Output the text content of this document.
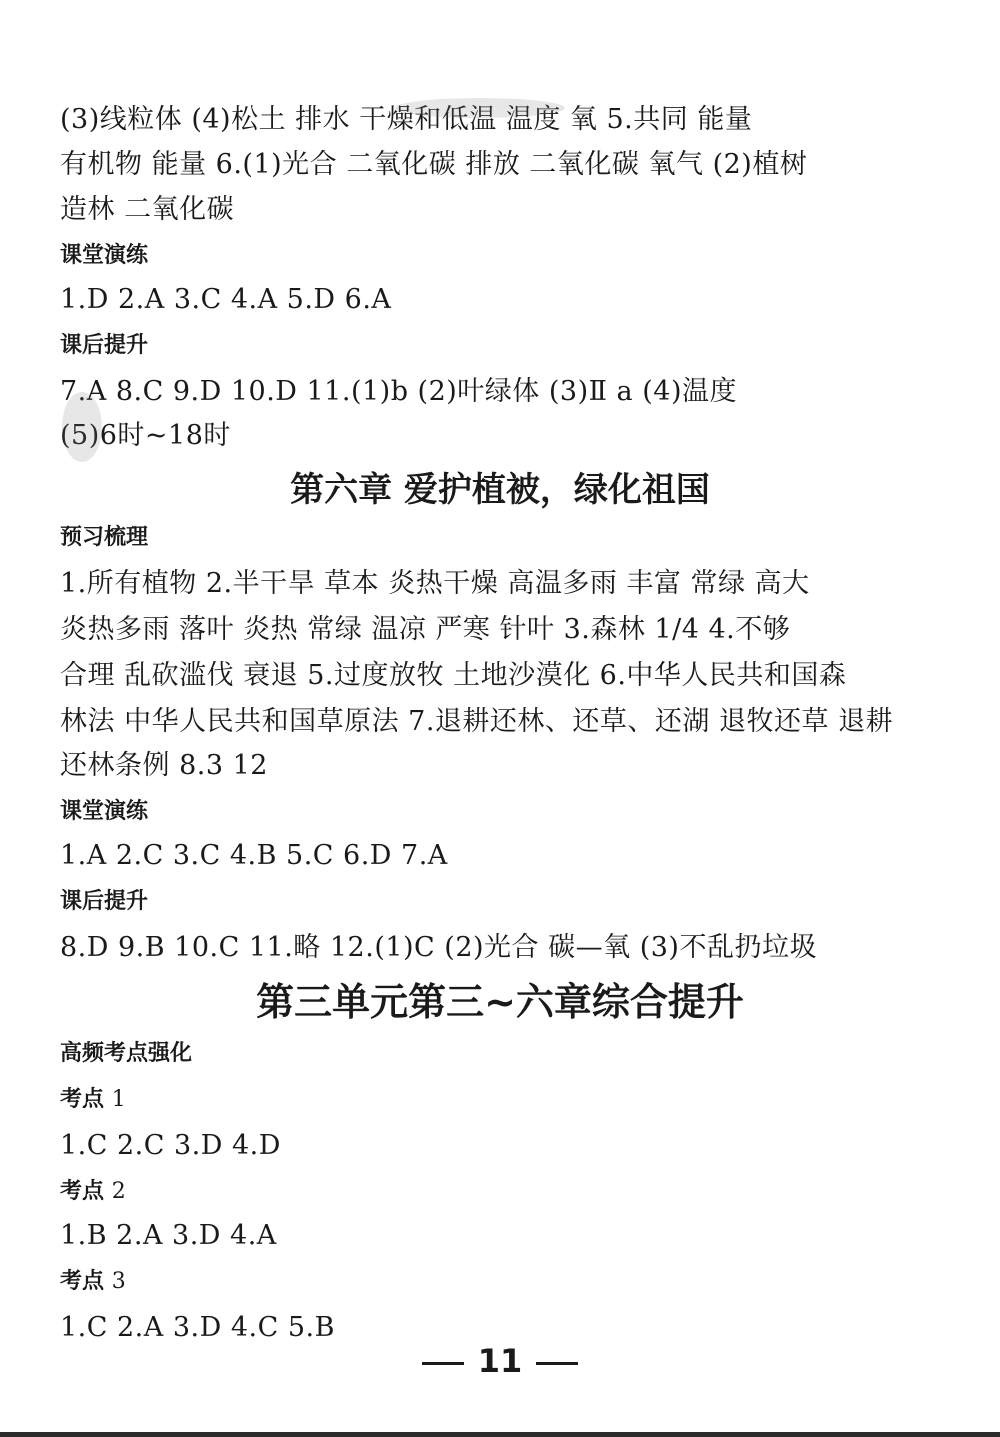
(3)线粒体 (4)松土 排水 干燥和低温 温度 氧 5.共同 能量
有机物 能量 6.(1)光合 二氧化碳 排放 二氧化碳 氧气 (2)植树
造林 二氧化碳
课堂演练
1.D 2.A 3.C 4.A 5.D 6.A
课后提升
7.A 8.C 9.D 10.D 11.(1)b (2)叶绿体 (3)Ⅱ a (4)温度
(5)6时~18时
第六章 爱护植被，绿化祖国
预习梳理
1.所有植物 2.半干旱 草本 炎热干燥 高温多雨 丰富 常绿 高大
炎热多雨 落叶 炎热 常绿 温凉 严寒 针叶 3.森林 1/4 4.不够
合理 乱砍滥伐 衰退 5.过度放牧 土地沙漠化 6.中华人民共和国森
林法 中华人民共和国草原法 7.退耕还林、还草、还湖 退牧还草 退耕
还林条例 8.3 12
课堂演练
1.A 2.C 3.C 4.B 5.C 6.D 7.A
课后提升
8.D 9.B 10.C 11.略 12.(1)C (2)光合 碳—氧 (3)不乱扔垃圾
第三单元第三~六章综合提升
高频考点强化
考点 1
1.C 2.C 3.D 4.D
考点 2
1.B 2.A 3.D 4.A
考点 3
1.C 2.A 3.D 4.C 5.B
11
